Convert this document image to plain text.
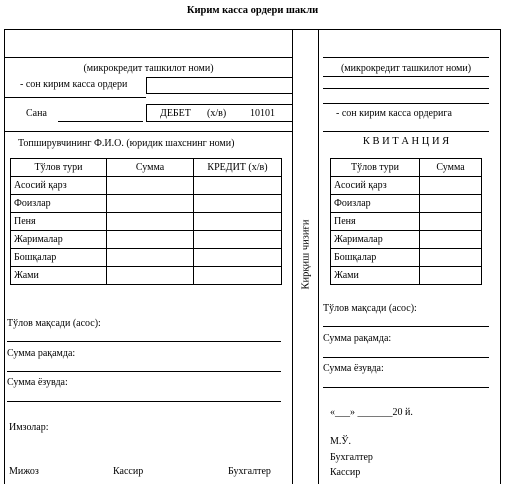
Кирим касса ордери шакли
Кирқиш чизиғи
(микрокредит ташкилот номи)
- сон кирим касса ордери
Сана	ДЕБЕТ (х/в) 10101
Топширувчининг Ф.И.О. (юридик шахснинг номи)
Тўлов тури	Сумма	КРЕДИТ (х/в)
Асосий қарз		
Фоизлар		
Пеня		
Жарималар		
Бошқалар		
Жами		
Тўлов мақсади (асос):
Сумма рақамда:
Сумма ёзувда:
Имзолар:
Мижоз	Кассир	Бухгалтер
(микрокредит ташкилот номи)
- сон кирим касса ордерига
К В И Т А Н Ц И Я
Тўлов тури	Сумма
Асосий қарз	
Фоизлар	
Пеня	
Жарималар	
Бошқалар	
Жами	
Тўлов мақсади (асос):
Сумма рақамда:
Сумма ёзувда:
«___» _______20 й.
М.Ў.
Бухгалтер
Кассир
